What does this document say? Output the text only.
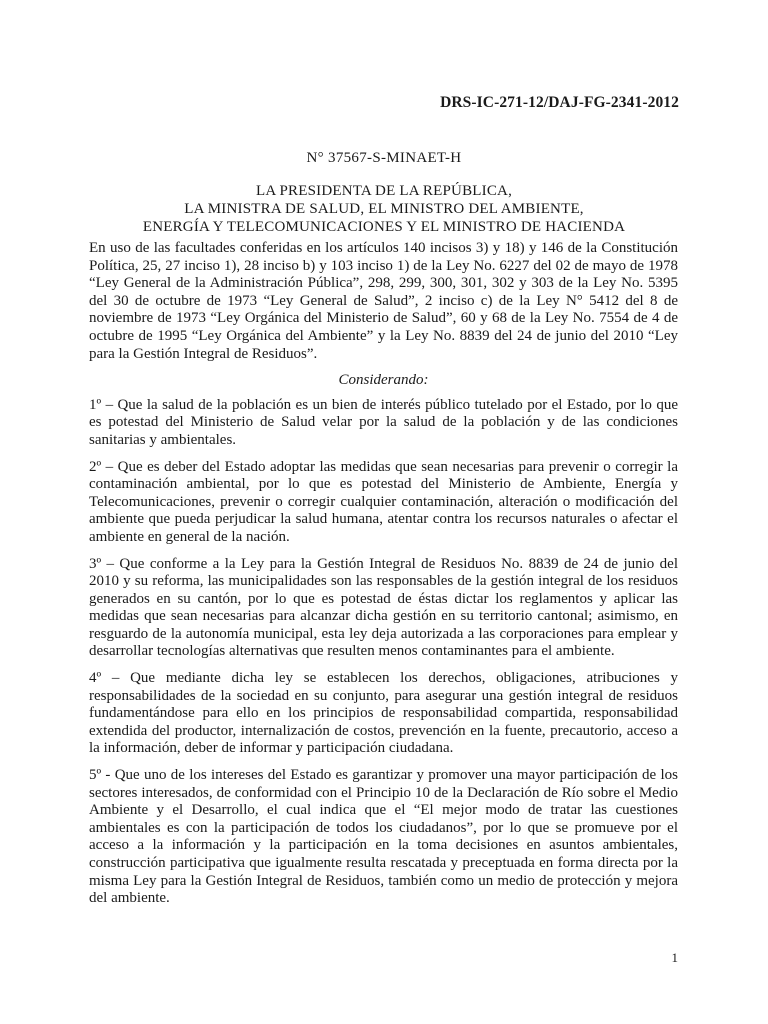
DRS-IC-271-12/DAJ-FG-2341-2012
N° 37567-S-MINAET-H
LA PRESIDENTA DE LA REPÚBLICA,
LA MINISTRA DE SALUD, EL MINISTRO DEL AMBIENTE,
ENERGÍA Y TELECOMUNICACIONES Y EL MINISTRO DE HACIENDA

En uso de las facultades conferidas en los artículos 140 incisos 3) y 18) y 146 de la Constitución Política, 25, 27 inciso 1), 28 inciso b) y 103 inciso 1) de la Ley No. 6227 del 02 de mayo de 1978 “Ley General de la Administración Pública”, 298, 299, 300, 301, 302 y 303 de la Ley No. 5395 del 30 de octubre de 1973 “Ley General de Salud”, 2 inciso c) de la Ley N° 5412 del 8 de noviembre de 1973 “Ley Orgánica del Ministerio de Salud”, 60 y 68 de la Ley No. 7554 de 4 de octubre de 1995 “Ley Orgánica del Ambiente” y la Ley No. 8839 del 24 de junio del 2010 “Ley para la Gestión Integral de Residuos”.

Considerando:

1º – Que la salud de la población es un bien de interés público tutelado por el Estado, por lo que es potestad del Ministerio de Salud velar por la salud de la población y de las condiciones sanitarias y ambientales.

2º – Que es deber del Estado adoptar las medidas que sean necesarias para prevenir o corregir la contaminación ambiental, por lo que es potestad del Ministerio de Ambiente, Energía y Telecomunicaciones, prevenir o corregir cualquier contaminación, alteración o modificación del ambiente que pueda perjudicar la salud humana, atentar contra los recursos naturales o afectar el ambiente en general de la nación.

3º – Que conforme a la Ley para la Gestión Integral de Residuos No. 8839 de 24 de junio del 2010 y su reforma, las municipalidades son las responsables de la gestión integral de los residuos generados en su cantón, por lo que es potestad de éstas dictar los reglamentos y aplicar las medidas que sean necesarias para alcanzar dicha gestión en su territorio cantonal; asimismo, en resguardo de la autonomía municipal, esta ley deja autorizada a las corporaciones para emplear y desarrollar tecnologías alternativas que resulten menos contaminantes para el ambiente.

4º – Que mediante dicha ley se establecen los derechos, obligaciones, atribuciones y responsabilidades de la sociedad en su conjunto, para asegurar una gestión integral de residuos fundamentándose para ello en los principios de responsabilidad compartida, responsabilidad extendida del productor, internalización de costos, prevención en la fuente, precautorio, acceso a la información, deber de informar y participación ciudadana.

5º - Que uno de los intereses del Estado es garantizar y promover una mayor participación de los sectores interesados, de conformidad con el Principio 10 de la Declaración de Río sobre el Medio Ambiente y el Desarrollo, el cual indica que el “El mejor modo de tratar las cuestiones ambientales es con la participación de todos los ciudadanos”, por lo que se promueve por el acceso a la información y la participación en la toma decisiones en asuntos ambientales, construcción participativa que igualmente resulta rescatada y preceptuada en forma directa por la misma Ley para la Gestión Integral de Residuos, también como un medio de protección y mejora del ambiente.

1
